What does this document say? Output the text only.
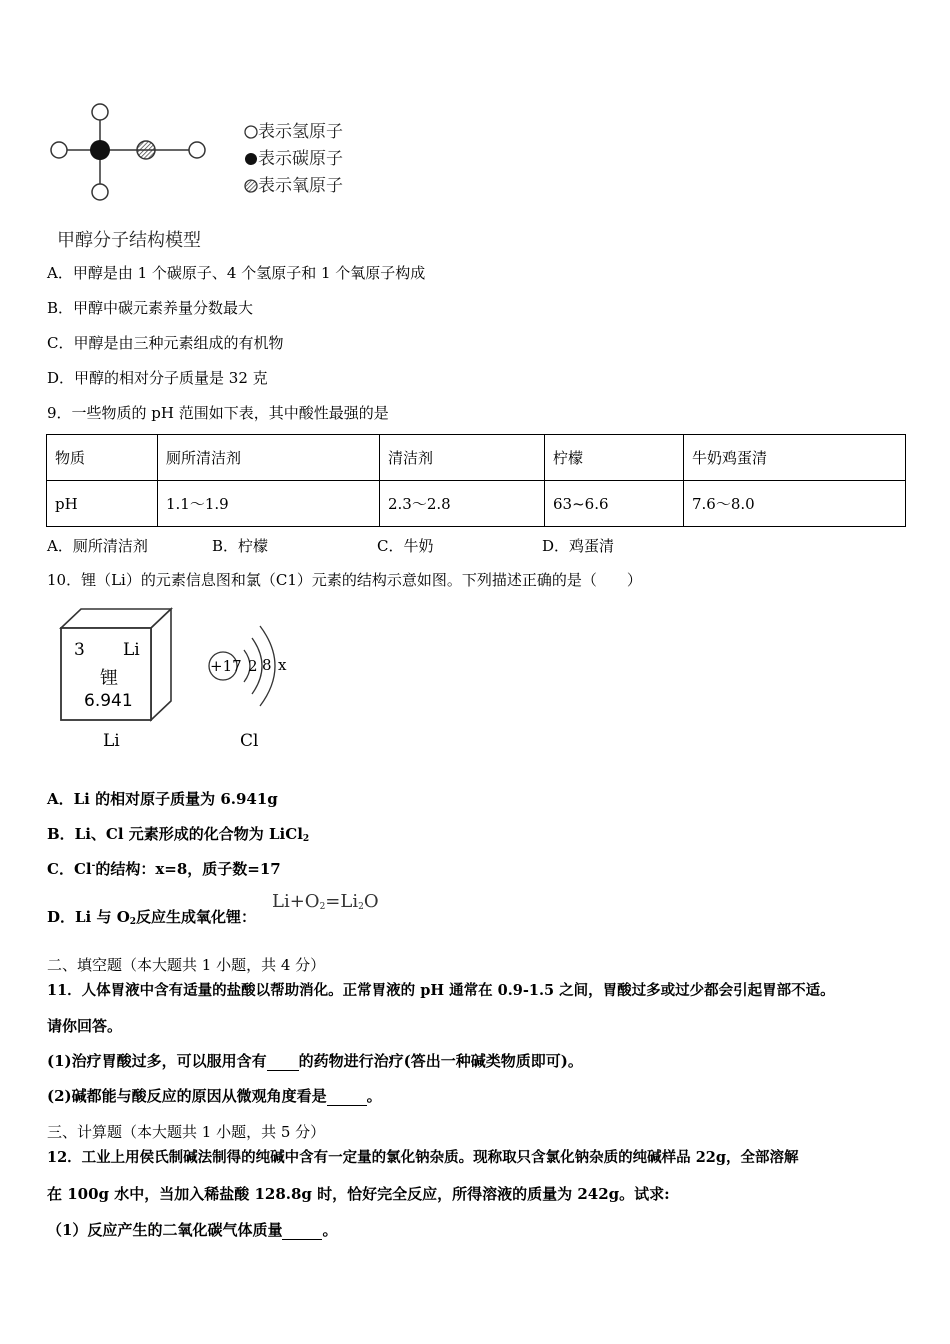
表示氢原子
表示碳原子
表示氧原子
甲醇分子结构模型
A．甲醇是由 1 个碳原子、4 个氢原子和 1 个氧原子构成
B．甲醇中碳元素养量分数最大
C．甲醇是由三种元素组成的有机物
D．甲醇的相对分子质量是 32 克
9．一些物质的 pH 范围如下表，其中酸性最强的是
物质	厕所清洁剂	清洁剂	柠檬	牛奶鸡蛋清
pH	1.1～1.9	2.3～2.8	63~6.6	7.6～8.0
A．厕所清洁剂	B．柠檬	C．牛奶	D．鸡蛋清
10．锂（Li）的元素信息图和氯（C1）元素的结构示意如图。下列描述正确的是（　　）
3 Li
锂
6.941
Li
+17 2 8 x
Cl
A．Li 的相对原子质量为 6.941g
B．Li、Cl 元素形成的化合物为 LiCl$_2$
C．Cl-的结构：x=8，质子数=17
D．Li 与 $O_2$反应生成氧化锂：
$Li+O_2=Li_2O$
二、填空题（本大题共 1 小题，共 4 分）
11．人体胃液中含有适量的盐酸以帮助消化。正常胃液的 pH 通常在 0.9-1.5 之间，胃酸过多或过少都会引起胃部不适。
请你回答。
(1)治疗胃酸过多，可以服用含有 的药物进行治疗(答出一种碱类物质即可)。
(2)碱都能与酸反应的原因从微观角度看是	。
三、计算题（本大题共 1 小题，共 5 分）
12．工业上用侯氏制碱法制得的纯碱中含有一定量的氯化钠杂质。现称取只含氯化钠杂质的纯碱样品 22g，全部溶解
在 100g 水中，当加入稀盐酸 128.8g 时，恰好完全反应，所得溶液的质量为 242g。试求:
（1）反应产生的二氧化碳气体质量	。
